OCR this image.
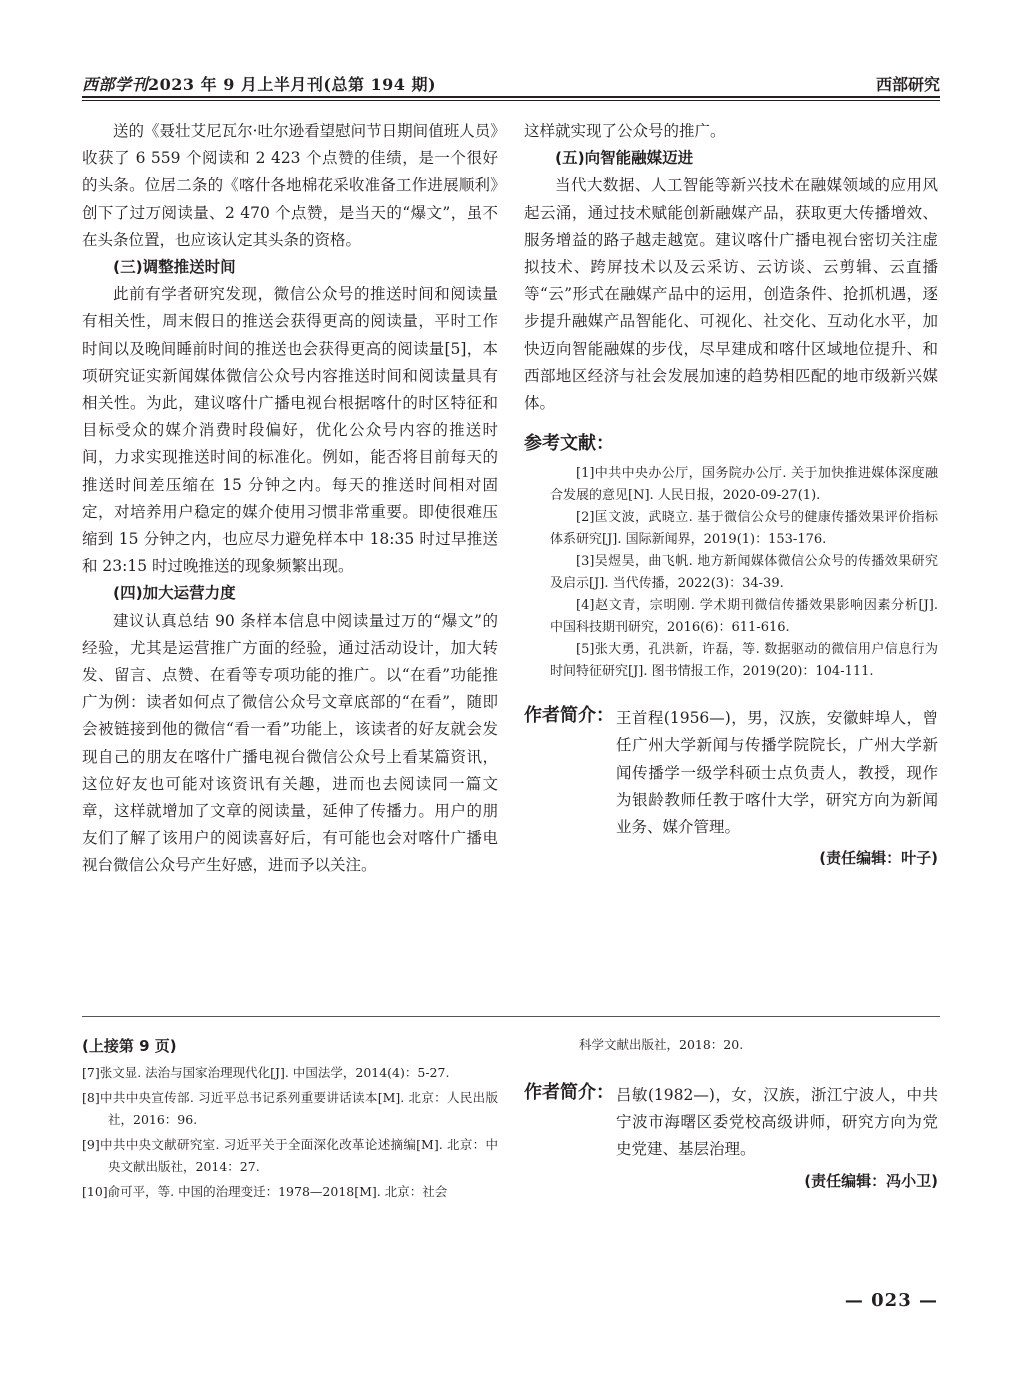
西部学刊2023 年 9 月上半月刊(总第 194 期)	西部研究

送的《聂壮艾尼瓦尔·吐尔逊看望慰问节日期间值班人员》收获了 6 559 个阅读和 2 423 个点赞的佳绩，是一个很好的头条。位居二条的《喀什各地棉花采收准备工作进展顺利》创下了过万阅读量、2 470 个点赞，是当天的“爆文”，虽不在头条位置，也应该认定其头条的资格。

(三)调整推送时间

此前有学者研究发现，微信公众号的推送时间和阅读量有相关性，周末假日的推送会获得更高的阅读量，平时工作时间以及晚间睡前时间的推送也会获得更高的阅读量[5]，本项研究证实新闻媒体微信公众号内容推送时间和阅读量具有相关性。为此，建议喀什广播电视台根据喀什的时区特征和目标受众的媒介消费时段偏好，优化公众号内容的推送时间，力求实现推送时间的标准化。例如，能否将目前每天的推送时间差压缩在 15 分钟之内。每天的推送时间相对固定，对培养用户稳定的媒介使用习惯非常重要。即使很难压缩到 15 分钟之内，也应尽力避免样本中 18:35 时过早推送和 23:15 时过晚推送的现象频繁出现。

(四)加大运营力度

建议认真总结 90 条样本信息中阅读量过万的“爆文”的经验，尤其是运营推广方面的经验，通过活动设计，加大转发、留言、点赞、在看等专项功能的推广。以“在看”功能推广为例：读者如何点了微信公众号文章底部的“在看”，随即会被链接到他的微信“看一看”功能上，该读者的好友就会发现自己的朋友在喀什广播电视台微信公众号上看某篇资讯，这位好友也可能对该资讯有关趣，进而也去阅读同一篇文章，这样就增加了文章的阅读量，延伸了传播力。用户的朋友们了解了该用户的阅读喜好后，有可能也会对喀什广播电视台微信公众号产生好感，进而予以关注。

这样就实现了公众号的推广。

(五)向智能融媒迈进

当代大数据、人工智能等新兴技术在融媒领域的应用风起云涌，通过技术赋能创新融媒产品，获取更大传播增效、服务增益的路子越走越宽。建议喀什广播电视台密切关注虚拟技术、跨屏技术以及云采访、云访谈、云剪辑、云直播等“云”形式在融媒产品中的运用，创造条件、抢抓机遇，逐步提升融媒产品智能化、可视化、社交化、互动化水平，加快迈向智能融媒的步伐，尽早建成和喀什区域地位提升、和西部地区经济与社会发展加速的趋势相匹配的地市级新兴媒体。

参考文献：

[1]中共中央办公厅，国务院办公厅. 关于加快推进媒体深度融合发展的意见[N]. 人民日报，2020-09-27(1).

[2]匡文波，武晓立. 基于微信公众号的健康传播效果评价指标体系研究[J]. 国际新闻界，2019(1)：153-176.

[3]吴煜昊，曲飞帆. 地方新闻媒体微信公众号的传播效果研究及启示[J]. 当代传播，2022(3)：34-39.

[4]赵文青，宗明刚. 学术期刊微信传播效果影响因素分析[J]. 中国科技期刊研究，2016(6)：611-616.

[5]张大勇，孔洪新，许磊，等. 数据驱动的微信用户信息行为时间特征研究[J]. 图书情报工作，2019(20)：104-111.

作者简介： 王首程(1956—)，男，汉族，安徽蚌埠人，曾任广州大学新闻与传播学院院长，广州大学新闻传播学一级学科硕士点负责人，教授，现作为银龄教师任教于喀什大学，研究方向为新闻业务、媒介管理。
(责任编辑：叶子)
(上接第 9 页)

[7]张文显. 法治与国家治理现代化[J]. 中国法学，2014(4)：5-27.

[8]中共中央宣传部. 习近平总书记系列重要讲话读本[M]. 北京：人民出版社，2016：96.

[9]中共中央文献研究室. 习近平关于全面深化改革论述摘编[M]. 北京：中央文献出版社，2014：27.

[10]俞可平，等. 中国的治理变迁：1978—2018[M]. 北京：社会

科学文献出版社，2018：20.

作者简介： 吕敏(1982—)，女，汉族，浙江宁波人，中共宁波市海曙区委党校高级讲师，研究方向为党史党建、基层治理。
(责任编辑：冯小卫)
— 023 —
